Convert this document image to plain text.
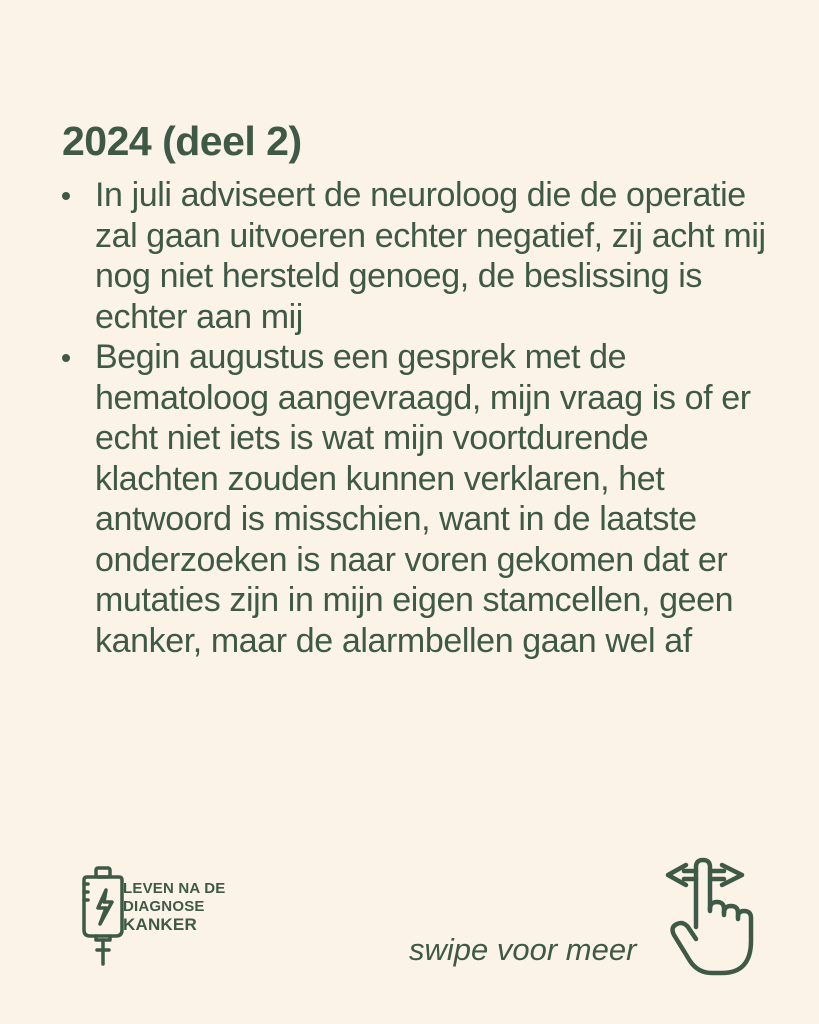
2024 (deel 2)
In juli adviseert de neuroloog die de operatie zal gaan uitvoeren echter negatief, zij acht mij nog niet hersteld genoeg, de beslissing is echter aan mij
Begin augustus een gesprek met de hematoloog aangevraagd, mijn vraag is of er echt niet iets is wat mijn voortdurende klachten zouden kunnen verklaren, het antwoord is misschien, want in de laatste onderzoeken is naar voren gekomen dat er mutaties zijn in mijn eigen stamcellen, geen kanker, maar de alarmbellen gaan wel af
LEVEN NA DE
DIAGNOSE
KANKER
swipe voor meer
